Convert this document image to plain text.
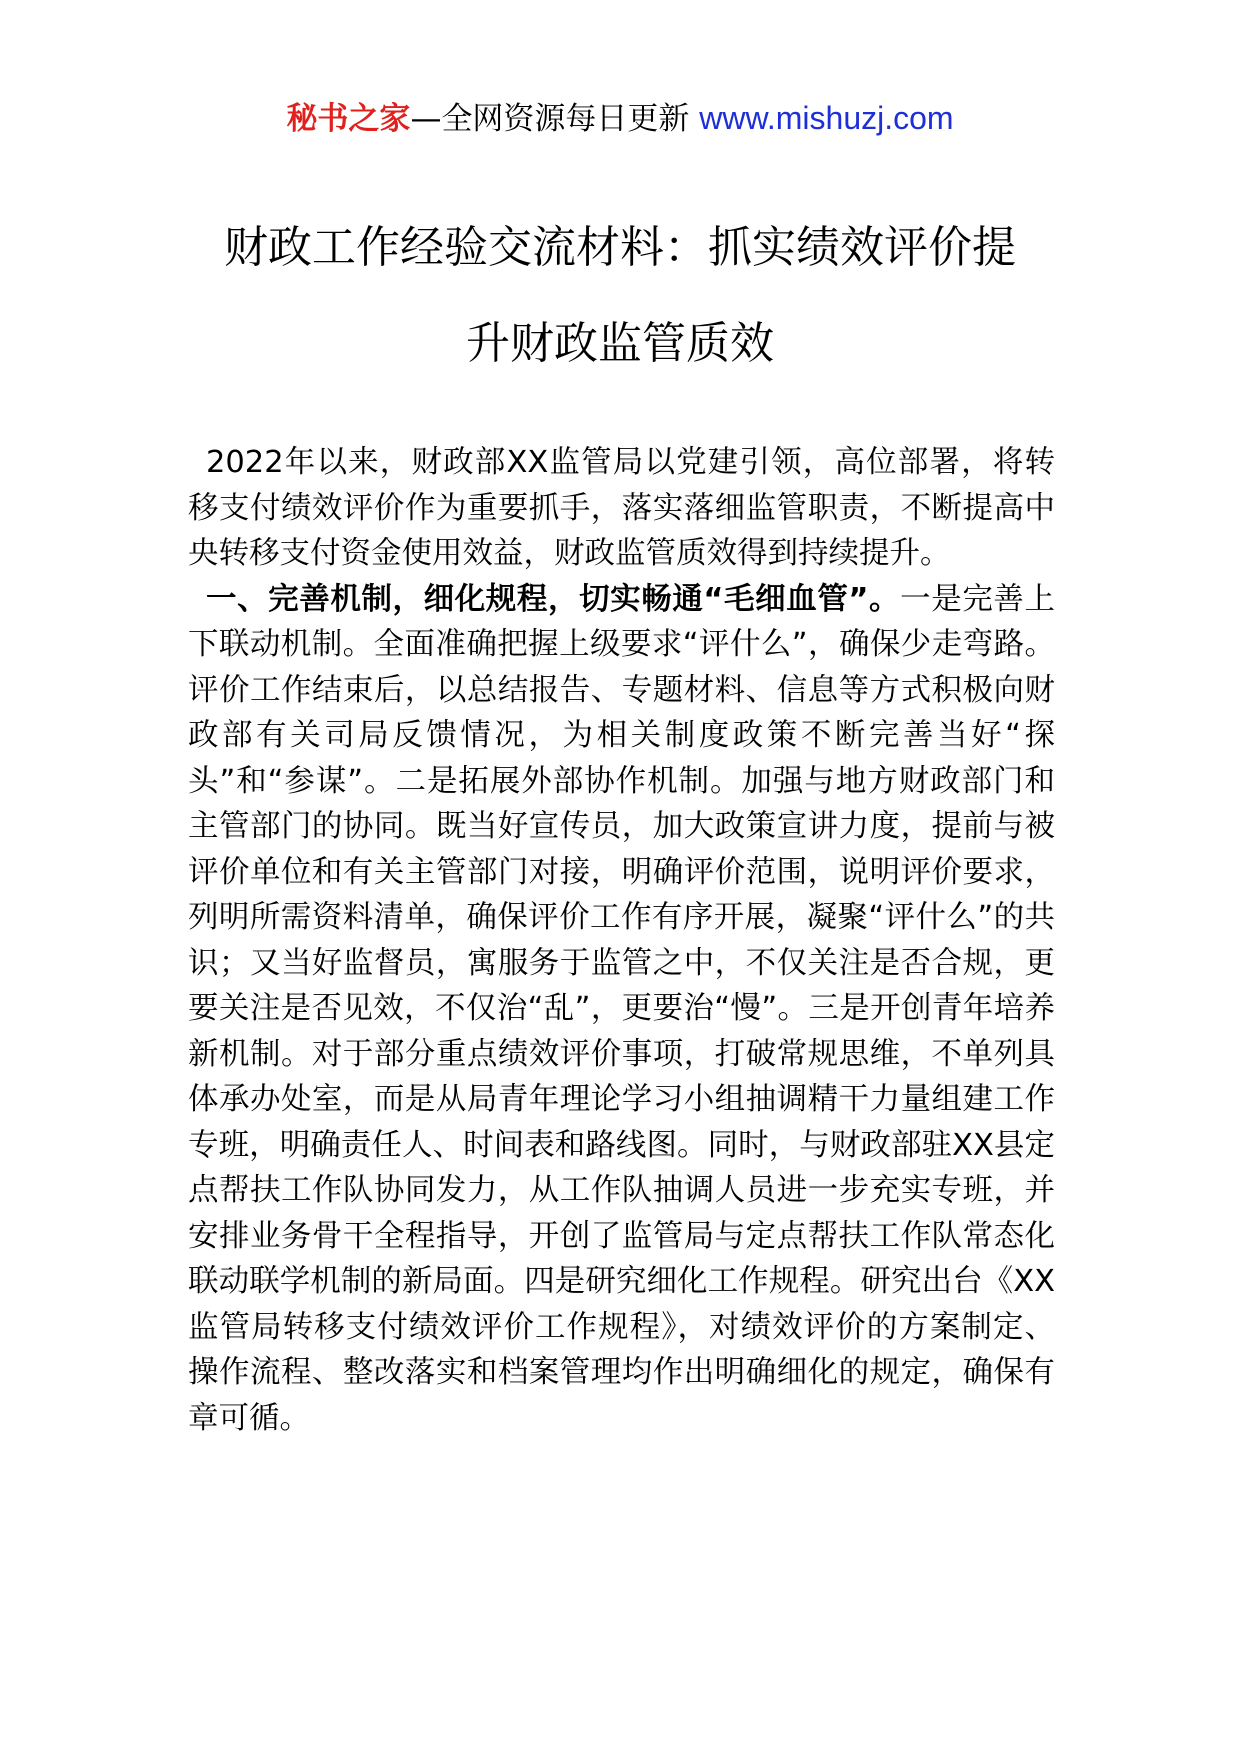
秘书之家—全网资源每日更新 www.mishuzj.com
财政工作经验交流材料：抓实绩效评价提
升财政监管质效

2022年以来，财政部XX监管局以党建引领，高位部署，将转移支付绩效评价作为重要抓手，落实落细监管职责，不断提高中央转移支付资金使用效益，财政监管质效得到持续提升。

一、完善机制，细化规程，切实畅通“毛细血管”。一是完善上下联动机制。全面准确把握上级要求“评什么”，确保少走弯路。评价工作结束后，以总结报告、专题材料、信息等方式积极向财政部有关司局反馈情况，为相关制度政策不断完善当好“探头”和“参谋”。二是拓展外部协作机制。加强与地方财政部门和主管部门的协同。既当好宣传员，加大政策宣讲力度，提前与被评价单位和有关主管部门对接，明确评价范围，说明评价要求，列明所需资料清单，确保评价工作有序开展，凝聚“评什么”的共识；又当好监督员，寓服务于监管之中，不仅关注是否合规，更要关注是否见效，不仅治“乱”，更要治“慢”。三是开创青年培养新机制。对于部分重点绩效评价事项，打破常规思维，不单列具体承办处室，而是从局青年理论学习小组抽调精干力量组建工作专班，明确责任人、时间表和路线图。同时，与财政部驻XX县定点帮扶工作队协同发力，从工作队抽调人员进一步充实专班，并安排业务骨干全程指导，开创了监管局与定点帮扶工作队常态化联动联学机制的新局面。四是研究细化工作规程。研究出台《XX监管局转移支付绩效评价工作规程》，对绩效评价的方案制定、操作流程、整改落实和档案管理均作出明确细化的规定，确保有章可循。
